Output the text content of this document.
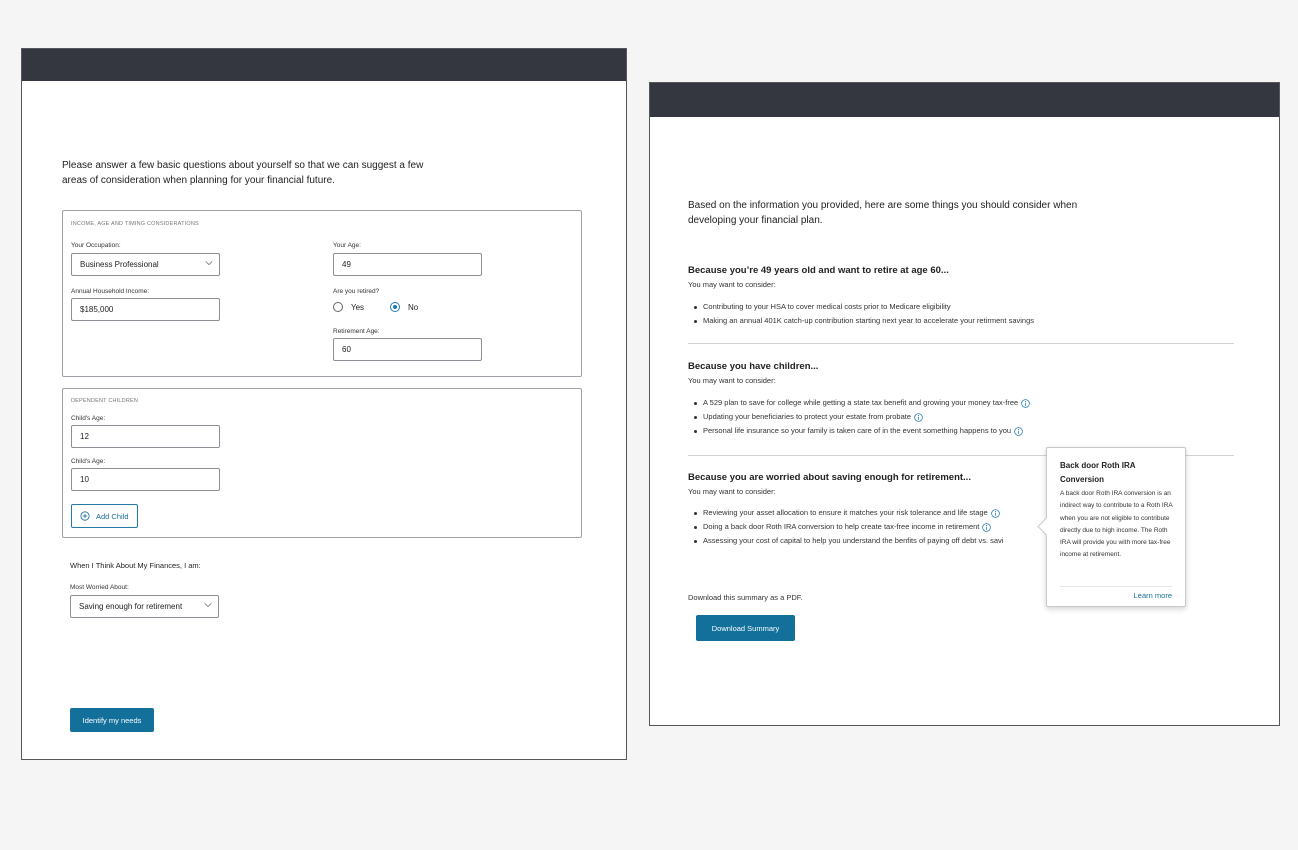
Please answer a few basic questions about yourself so that we can suggest a few areas of consideration when planning for your financial future.
INCOME, AGE AND TIMING CONSIDERATIONS
Your Occupation:
Business Professional
Annual Household Income:
$185,000
Your Age:
49
Are you retired?
Yes	No
Retirement Age:
60
DEPENDENT CHILDREN
Child's Age:
12
Child's Age:
10
Add Child
When I Think About My Finances, I am:
Most Worried About:
Saving enough for retirement
Identify my needs
Based on the information you provided, here are some things you should consider when developing your financial plan.
Because you’re 49 years old and want to retire at age 60...
You may want to consider:
Contributing to your HSA to cover medical costs prior to Medicare eligibility
Making an annual 401K catch-up contribution starting next year to accelerate your retirment savings
Because you have children...
You may want to consider:
A 529 plan to save for college while getting a state tax benefit and growing your money tax-free
Updating your beneficiaries to protect your estate from probate
Personal life insurance so your family is taken care of in the event something happens to you
Because you are worried about saving enough for retirement...
You may want to consider:
Reviewing your asset allocation to ensure it matches your risk tolerance and life stage
Doing a back door Roth IRA conversion to help create tax-free income in retirement
Assessing your cost of capital to help you understand the benfits of paying off debt vs. savi
Download this summary as a PDF.
Download Summary
Back door Roth IRA Conversion
A back door Roth IRA conversion is an indirect way to contribute to a Roth IRA when you are not eligible to contribute directly due to high income. The Roth IRA will provide you with more tax-free income at retirement.
Learn more
